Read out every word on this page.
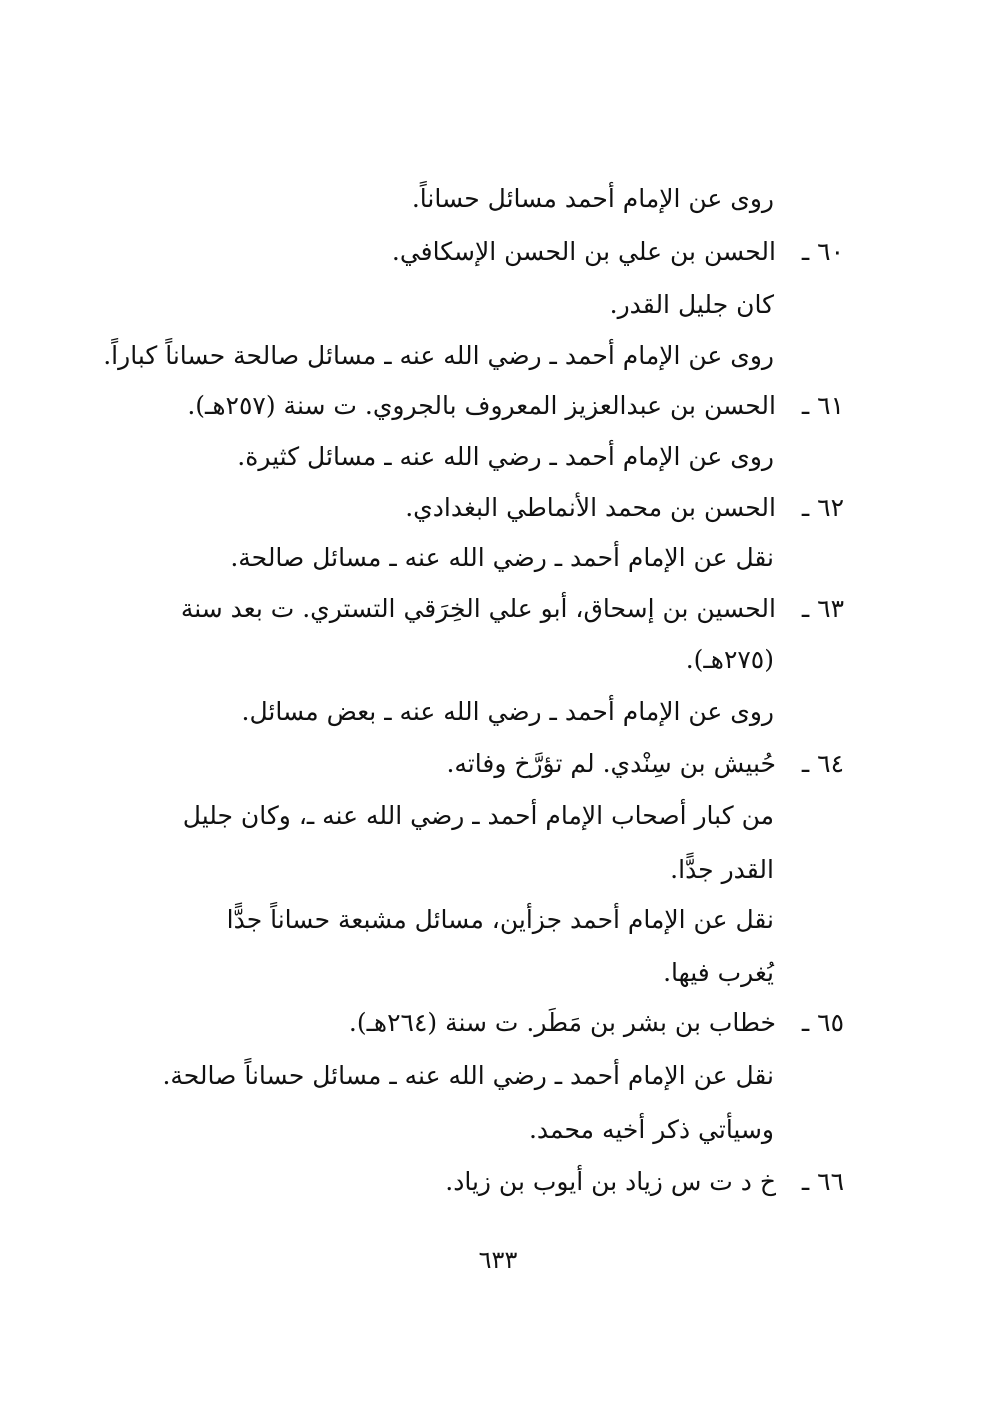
روى عن الإمام أحمد مسائل حساناً.
٦٠ ـالحسن بن علي بن الحسن الإسكافي.
كان جليل القدر.
روى عن الإمام أحمد ـ رضي الله عنه ـ مسائل صالحة حساناً كباراً.
٦١ ـالحسن بن عبدالعزيز المعروف بالجروي. ت سنة (٢٥٧هـ).
روى عن الإمام أحمد ـ رضي الله عنه ـ مسائل كثيرة.
٦٢ ـالحسن بن محمد الأنماطي البغدادي.
نقل عن الإمام أحمد ـ رضي الله عنه ـ مسائل صالحة.
٦٣ ـالحسين بن إسحاق، أبو علي الخِرَقي التستري. ت بعد سنة
(٢٧٥هـ).
روى عن الإمام أحمد ـ رضي الله عنه ـ بعض مسائل.
٦٤ ـحُبيش بن سِنْدي. لم تؤرَّخ وفاته.
من كبار أصحاب الإمام أحمد ـ رضي الله عنه ـ، وكان جليل
القدر جدًّا.
نقل عن الإمام أحمد جزأين، مسائل مشبعة حساناً جدًّا
يُغرب فيها.
٦٥ ـخطاب بن بشر بن مَطَر. ت سنة (٢٦٤هـ).
نقل عن الإمام أحمد ـ رضي الله عنه ـ مسائل حساناً صالحة.
وسيأتي ذكر أخيه محمد.
٦٦ ـخ د ت س زياد بن أيوب بن زياد.
٦٣٣
